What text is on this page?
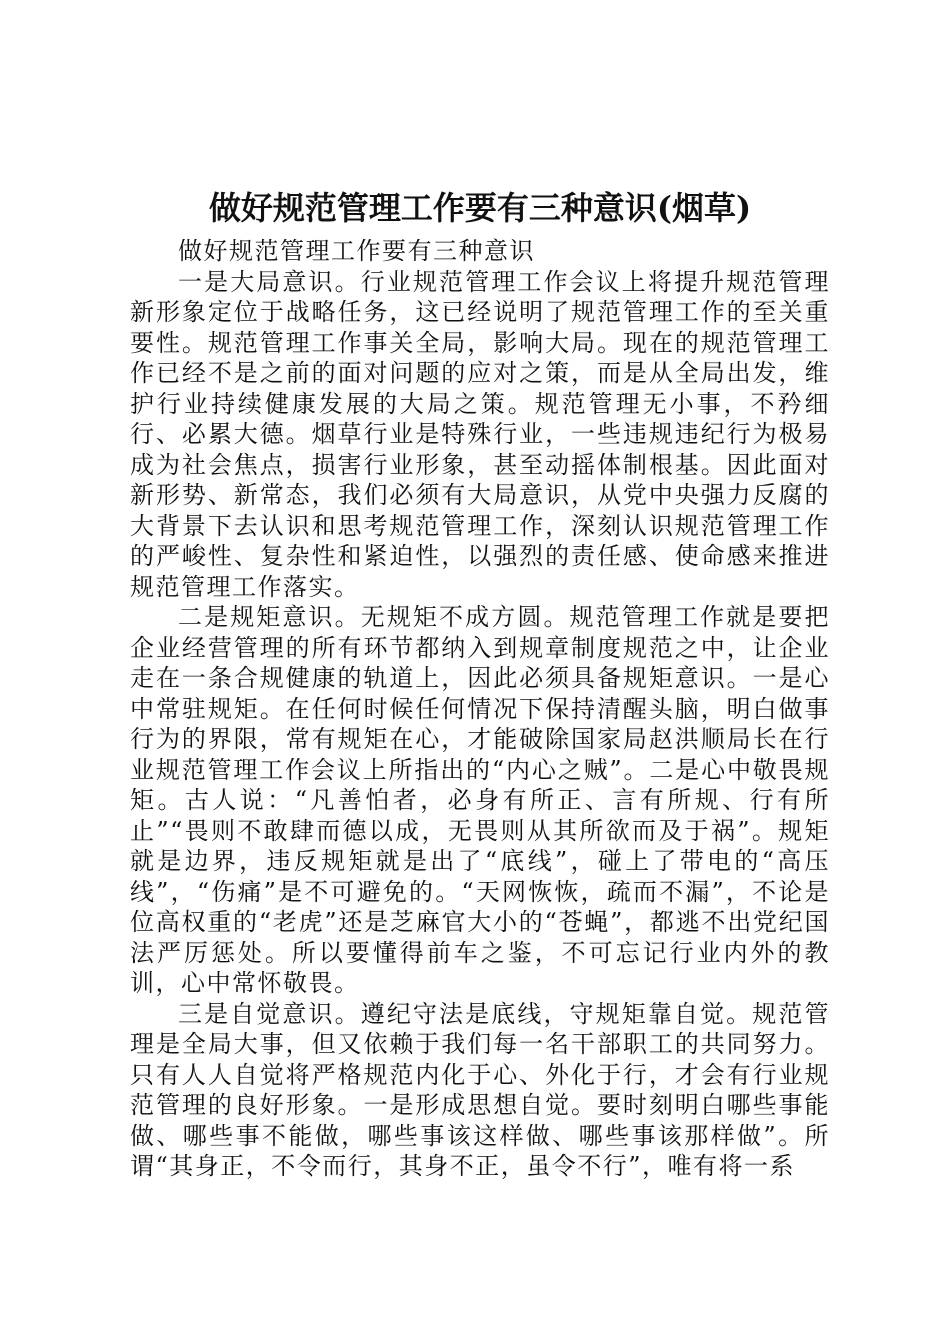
做好规范管理工作要有三种意识(烟草)

做好规范管理工作要有三种意识

一是大局意识。行业规范管理工作会议上将提升规范管理新形象定位于战略任务，这已经说明了规范管理工作的至关重要性。规范管理工作事关全局，影响大局。现在的规范管理工作已经不是之前的面对问题的应对之策，而是从全局出发，维护行业持续健康发展的大局之策。规范管理无小事，不矜细行、必累大德。烟草行业是特殊行业，一些违规违纪行为极易成为社会焦点，损害行业形象，甚至动摇体制根基。因此面对新形势、新常态，我们必须有大局意识，从党中央强力反腐的大背景下去认识和思考规范管理工作，深刻认识规范管理工作的严峻性、复杂性和紧迫性，以强烈的责任感、使命感来推进规范管理工作落实。

二是规矩意识。无规矩不成方圆。规范管理工作就是要把企业经营管理的所有环节都纳入到规章制度规范之中，让企业走在一条合规健康的轨道上，因此必须具备规矩意识。一是心中常驻规矩。在任何时候任何情况下保持清醒头脑，明白做事行为的界限，常有规矩在心，才能破除国家局赵洪顺局长在行业规范管理工作会议上所指出的“内心之贼”。二是心中敬畏规矩。古人说：“凡善怕者，必身有所正、言有所规、行有所止”“畏则不敢肆而德以成，无畏则从其所欲而及于祸”。规矩就是边界，违反规矩就是出了“底线”，碰上了带电的“高压线”，“伤痛”是不可避免的。“天网恢恢，疏而不漏”，不论是位高权重的“老虎”还是芝麻官大小的“苍蝇”，都逃不出党纪国法严厉惩处。所以要懂得前车之鉴，不可忘记行业内外的教训，心中常怀敬畏。

三是自觉意识。遵纪守法是底线，守规矩靠自觉。规范管理是全局大事，但又依赖于我们每一名干部职工的共同努力。只有人人自觉将严格规范内化于心、外化于行，才会有行业规范管理的良好形象。一是形成思想自觉。要时刻明白哪些事能做、哪些事不能做，哪些事该这样做、哪些事该那样做”。所谓“其身正，不令而行，其身不正，虽令不行”，唯有将一系
